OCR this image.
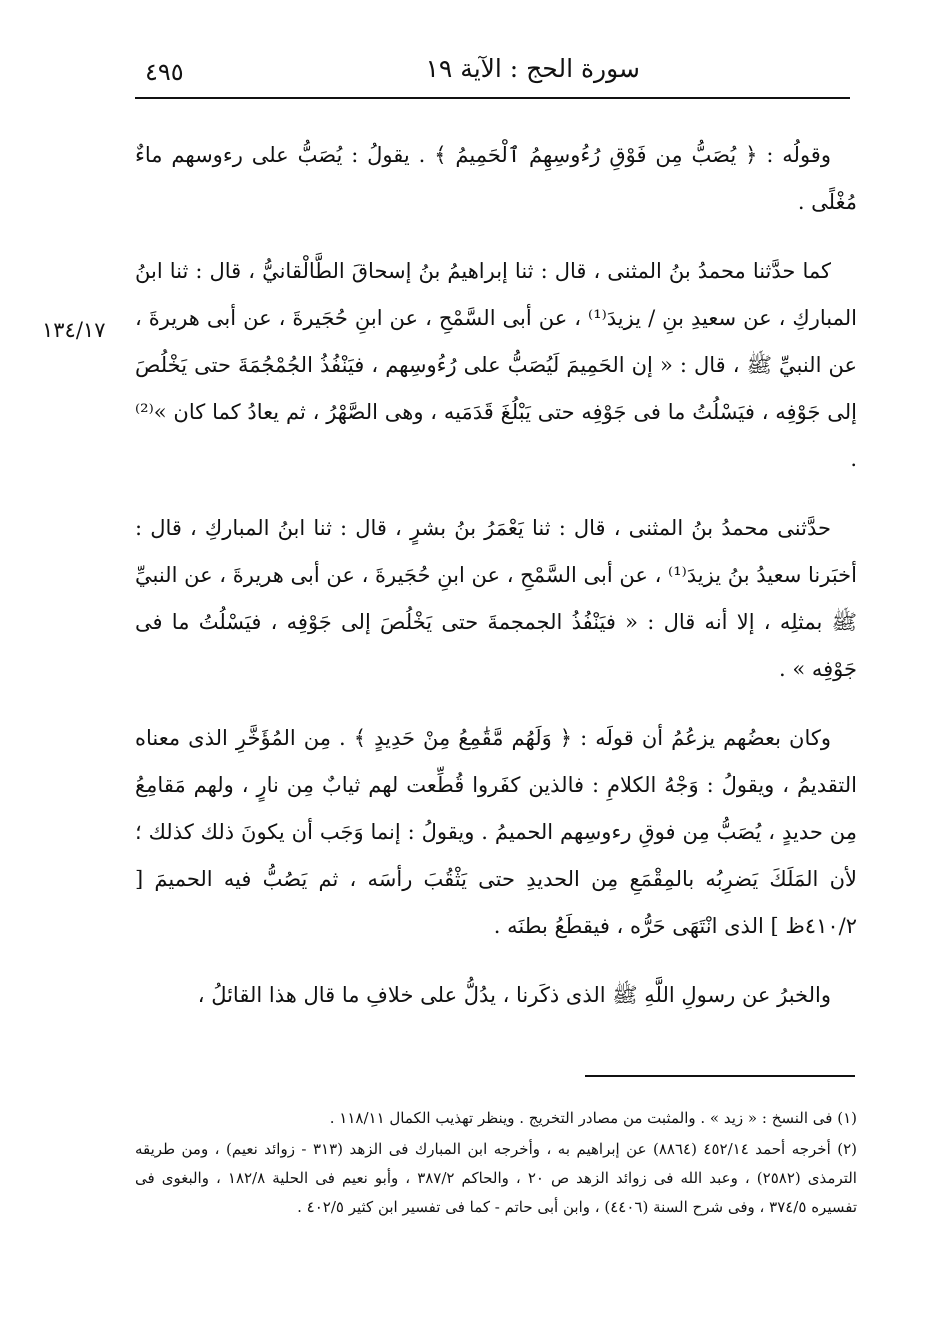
٤٩٥	سورة الحج : الآية ١٩
١٣٤/١٧

وقولُه : ﴿ يُصَبُّ مِن فَوْقِ رُءُوسِهِمُ ٱلْحَمِيمُ ﴾ . يقولُ : يُصَبُّ على رءوسهم ماءٌ مُغْلًى .

كما حدَّثنا محمدُ بنُ المثنى ، قال : ثنا إبراهيمُ بنُ إسحاقَ الطَّالْقانيُّ ، قال : ثنا ابنُ المباركِ ، عن سعيدِ بنِ / يزيدَ⁽¹⁾ ، عن أبى السَّمْحِ ، عن ابنِ حُجَيرةَ ، عن أبى هريرةَ ، عن النبيِّ ﷺ ، قال : « إن الحَمِيمَ لَيُصَبُّ على رُءُوسِهم ، فيَنْفُذُ الجُمْجُمَةَ حتى يَخْلُصَ إلى جَوْفِه ، فيَسْلُتُ ما فى جَوْفِه حتى يَبْلُغَ قَدَمَيه ، وهى الصَّهْرُ ، ثم يعادُ كما كان »⁽²⁾ .

حدَّثنى محمدُ بنُ المثنى ، قال : ثنا يَعْمَرُ بنُ بشرٍ ، قال : ثنا ابنُ المباركِ ، قال : أخبَرنا سعيدُ بنُ يزيدَ⁽¹⁾ ، عن أبى السَّمْحِ ، عن ابنِ حُجَيرةَ ، عن أبى هريرةَ ، عن النبيِّ ﷺ بمثلِه ، إلا أنه قال : « فيَنْفُذُ الجمجمةَ حتى يَخْلُصَ إلى جَوْفِه ، فيَسْلُتُ ما فى جَوْفِه » .

وكان بعضُهم يزعُمُ أن قولَه : ﴿ وَلَهُم مَّقَٰمِعُ مِنْ حَدِيدٍ ﴾ . مِن المُؤَخَّرِ الذى معناه التقديمُ ، ويقولُ : وَجْهُ الكلامِ : فالذين كفَروا قُطِّعت لهم ثيابٌ مِن نارٍ ، ولهم مَقامِعُ مِن حديدٍ ، يُصَبُّ مِن فوقِ رءوسِهم الحميمُ . ويقولُ : إنما وَجَب أن يكونَ ذلك كذلك ؛ لأن المَلَكَ يَضرِبُه بالمِقْمَعِ مِن الحديدِ حتى يَثْقُبَ رأسَه ، ثم يَصُبُّ فيه الحميمَ [ ٤١٠/٢ظ ] الذى انْتَهَى حَرُّه ، فيقطَعُ بطنَه .

والخبرُ عن رسولِ اللَّهِ ﷺ الذى ذكَرنا ، يدُلُّ على خلافِ ما قال هذا القائلُ ،

(١) فى النسخ : « زيد » . والمثبت من مصادر التخريج . وينظر تهذيب الكمال ١١٨/١١ .

(٢) أخرجه أحمد ٤٥٢/١٤ (٨٨٦٤) عن إبراهيم به ، وأخرجه ابن المبارك فى الزهد (٣١٣ - زوائد نعيم) ، ومن طريقه الترمذى (٢٥٨٢) ، وعبد الله فى زوائد الزهد ص ٢٠ ، والحاكم ٣٨٧/٢ ، وأبو نعيم فى الحلية ١٨٢/٨ ، والبغوى فى تفسيره ٣٧٤/٥ ، وفى شرح السنة (٤٤٠٦) ، وابن أبى حاتم - كما فى تفسير ابن كثير ٤٠٢/٥ .
